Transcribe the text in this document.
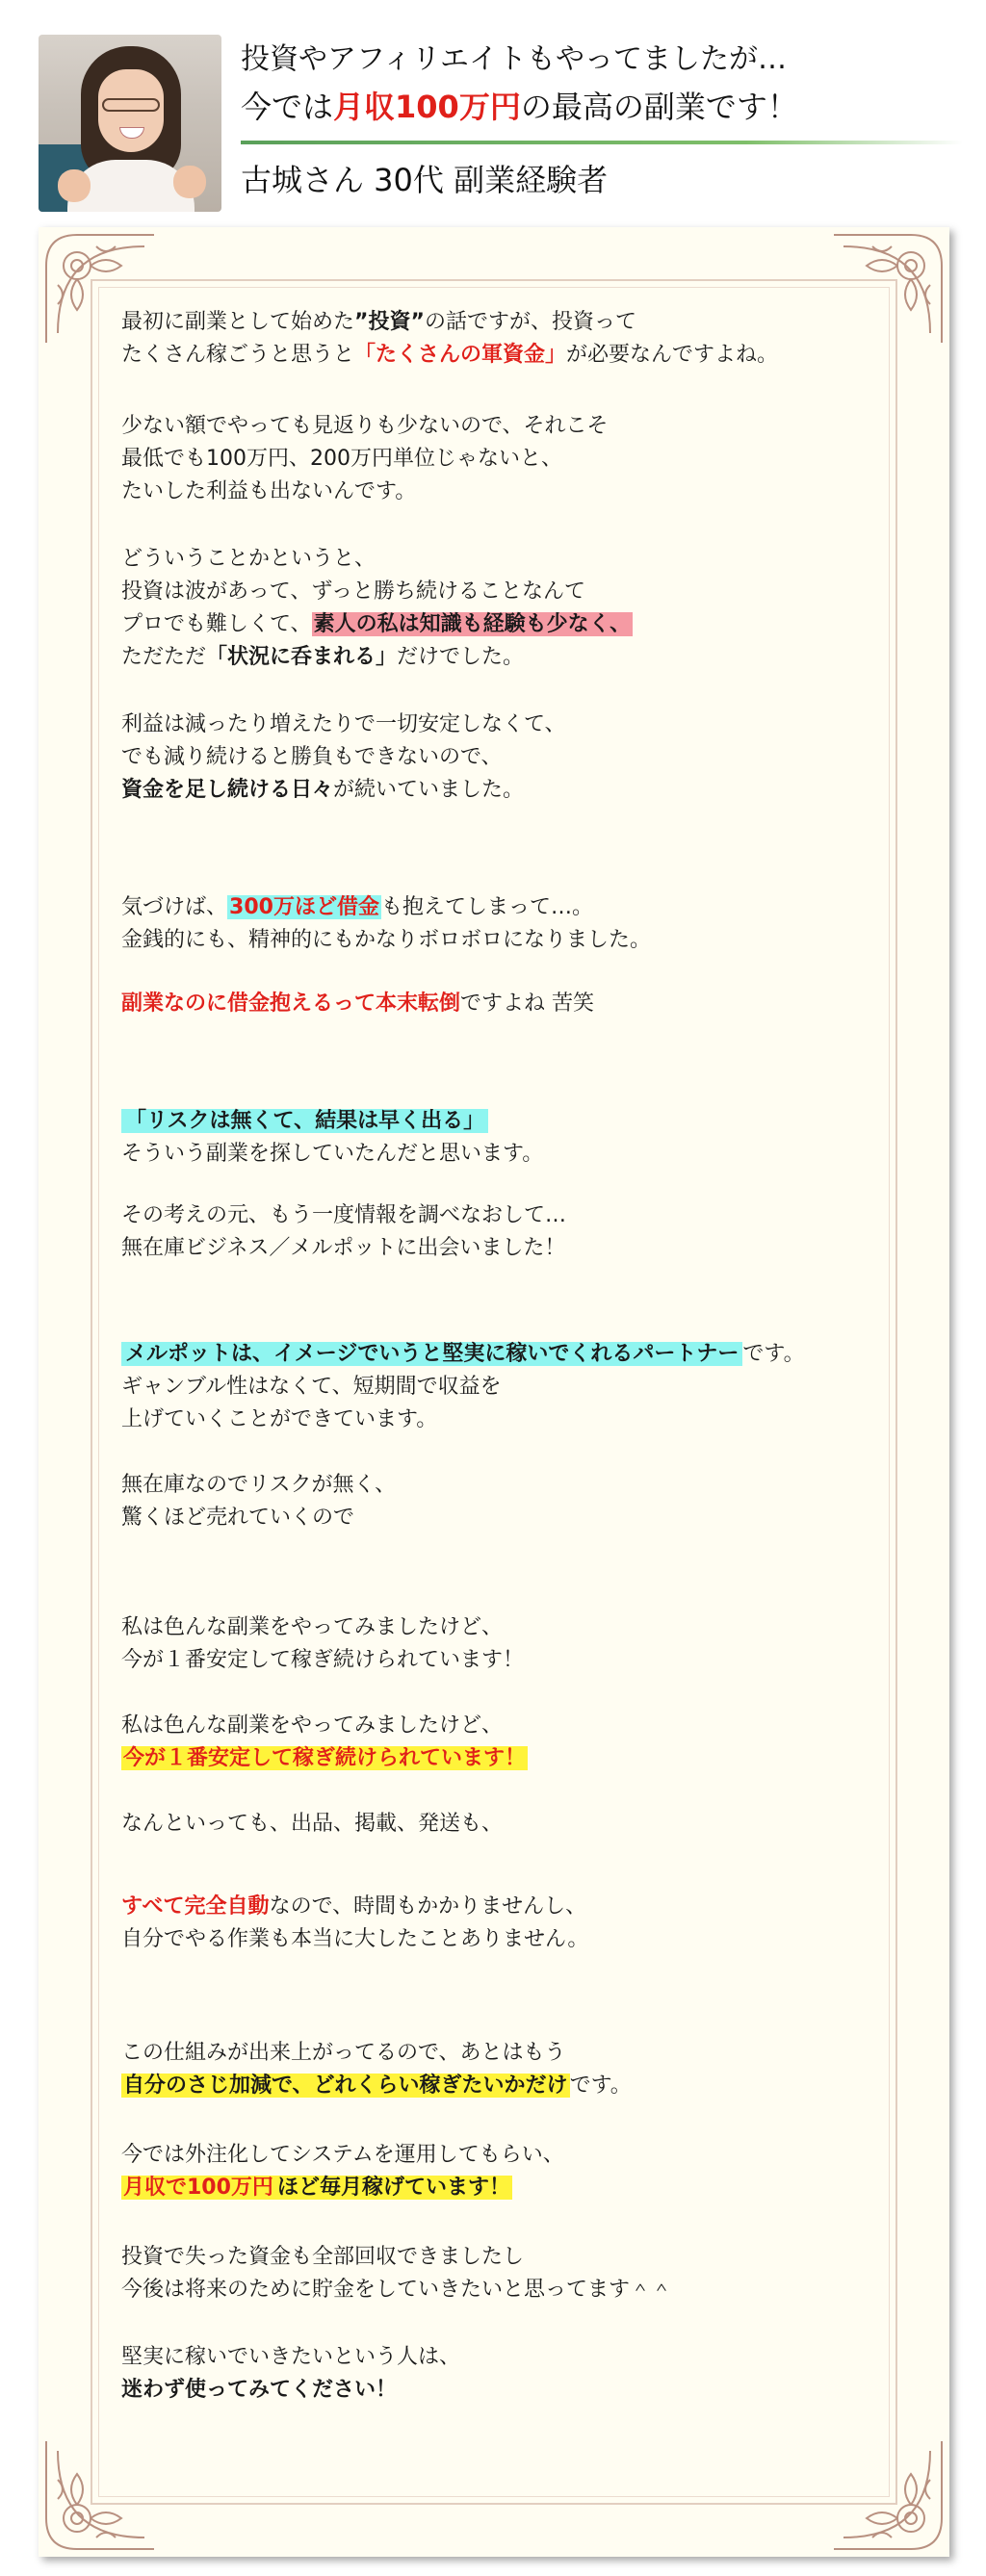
投資やアフィリエイトもやってましたが…
今では月収100万円の最高の副業です！
古城さん 30代 副業経験者
最初に副業として始めた”投資”の話ですが、投資って
たくさん稼ごうと思うと「たくさんの軍資金」が必要なんですよね。
少ない額でやっても見返りも少ないので、それこそ
最低でも100万円、200万円単位じゃないと、
たいした利益も出ないんです。
どういうことかというと、
投資は波があって、ずっと勝ち続けることなんて
プロでも難しくて、素人の私は知識も経験も少なく、
ただただ「状況に呑まれる」だけでした。
利益は減ったり増えたりで一切安定しなくて、
でも減り続けると勝負もできないので、
資金を足し続ける日々が続いていました。
気づけば、300万ほど借金も抱えてしまって…。
金銭的にも、精神的にもかなりボロボロになりました。
副業なのに借金抱えるって本末転倒ですよね 苦笑
「リスクは無くて、結果は早く出る」
そういう副業を探していたんだと思います。
その考えの元、もう一度情報を調べなおして…
無在庫ビジネス／メルポットに出会いました！
メルポットは、イメージでいうと堅実に稼いでくれるパートナー です。
ギャンブル性はなくて、短期間で収益を
上げていくことができています。
無在庫なのでリスクが無く、
驚くほど売れていくので
私は色んな副業をやってみましたけど、
今が１番安定して稼ぎ続けられています！
私は色んな副業をやってみましたけど、
今が１番安定して稼ぎ続けられています！
なんといっても、出品、掲載、発送も、
すべて完全自動なので、時間もかかりませんし、
自分でやる作業も本当に大したことありません。
この仕組みが出来上がってるので、あとはもう
自分のさじ加減で、どれくらい稼ぎたいかだけです。
今では外注化してシステムを運用してもらい、
月収で100万円 ほど毎月稼げています！
投資で失った資金も全部回収できましたし
今後は将来のために貯金をしていきたいと思ってます＾＾
堅実に稼いでいきたいという人は、
迷わず使ってみてください！
